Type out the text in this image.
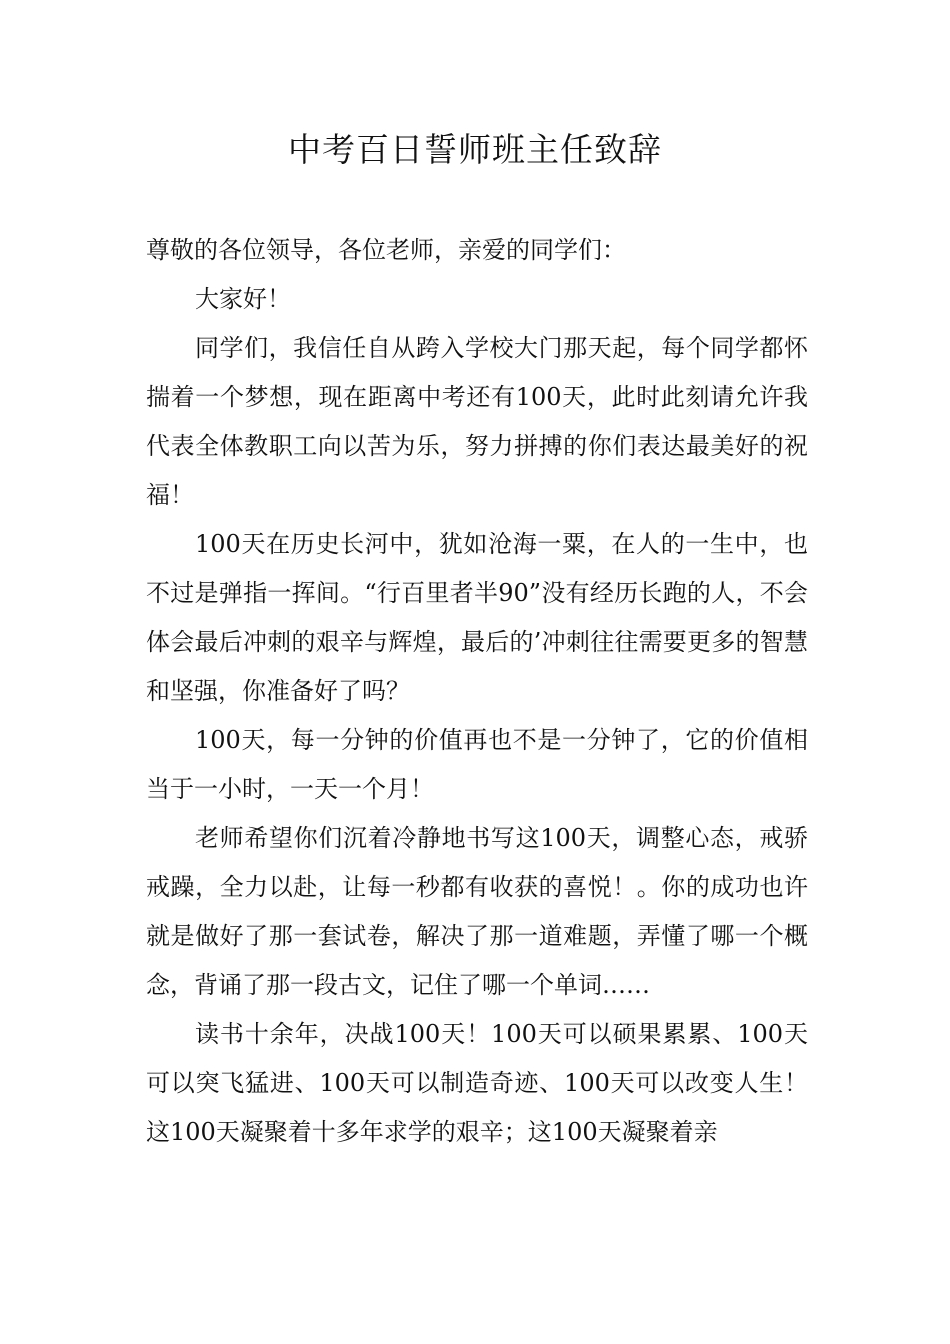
中考百日誓师班主任致辞

尊敬的各位领导，各位老师，亲爱的同学们：

大家好！

同学们，我信任自从跨入学校大门那天起，每个同学都怀揣着一个梦想，现在距离中考还有100天，此时此刻请允许我代表全体教职工向以苦为乐，努力拼搏的你们表达最美好的祝福！

100天在历史长河中，犹如沧海一粟，在人的一生中，也不过是弹指一挥间。“行百里者半90”没有经历长跑的人，不会体会最后冲刺的艰辛与辉煌，最后的’冲刺往往需要更多的智慧和坚强，你准备好了吗？

100天，每一分钟的价值再也不是一分钟了，它的价值相当于一小时，一天一个月！

老师希望你们沉着冷静地书写这100天，调整心态，戒骄戒躁，全力以赴，让每一秒都有收获的喜悦！。你的成功也许就是做好了那一套试卷，解决了那一道难题，弄懂了哪一个概念，背诵了那一段古文，记住了哪一个单词……

读书十余年，决战100天！100天可以硕果累累、100天可以突飞猛进、100天可以制造奇迹、100天可以改变人生！这100天凝聚着十多年求学的艰辛；这100天凝聚着亲
